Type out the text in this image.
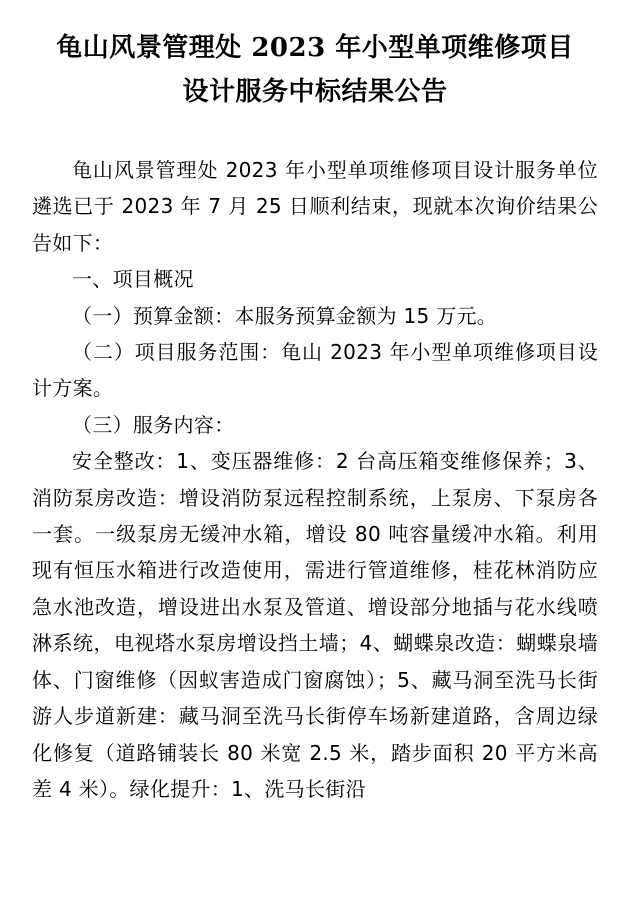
龟山风景管理处 2023 年小型单项维修项目
设计服务中标结果公告

龟山风景管理处 2023 年小型单项维修项目设计服务单位遴选已于 2023 年 7 月 25 日顺利结束，现就本次询价结果公告如下：

一、项目概况

（一）预算金额：本服务预算金额为 15 万元。

（二）项目服务范围：龟山 2023 年小型单项维修项目设计方案。

（三）服务内容：

安全整改：1、变压器维修：2 台高压箱变维修保养；3、消防泵房改造：增设消防泵远程控制系统，上泵房、下泵房各一套。一级泵房无缓冲水箱，增设 80 吨容量缓冲水箱。利用现有恒压水箱进行改造使用，需进行管道维修，桂花林消防应急水池改造，增设进出水泵及管道、增设部分地插与花水线喷淋系统，电视塔水泵房增设挡土墙；4、蝴蝶泉改造：蝴蝶泉墙体、门窗维修（因蚁害造成门窗腐蚀）；5、藏马洞至洗马长街游人步道新建：藏马洞至洗马长街停车场新建道路，含周边绿化修复（道路铺装长 80 米宽 2.5 米，踏步面积 20 平方米高差 4 米）。绿化提升：1、洗马长街沿
